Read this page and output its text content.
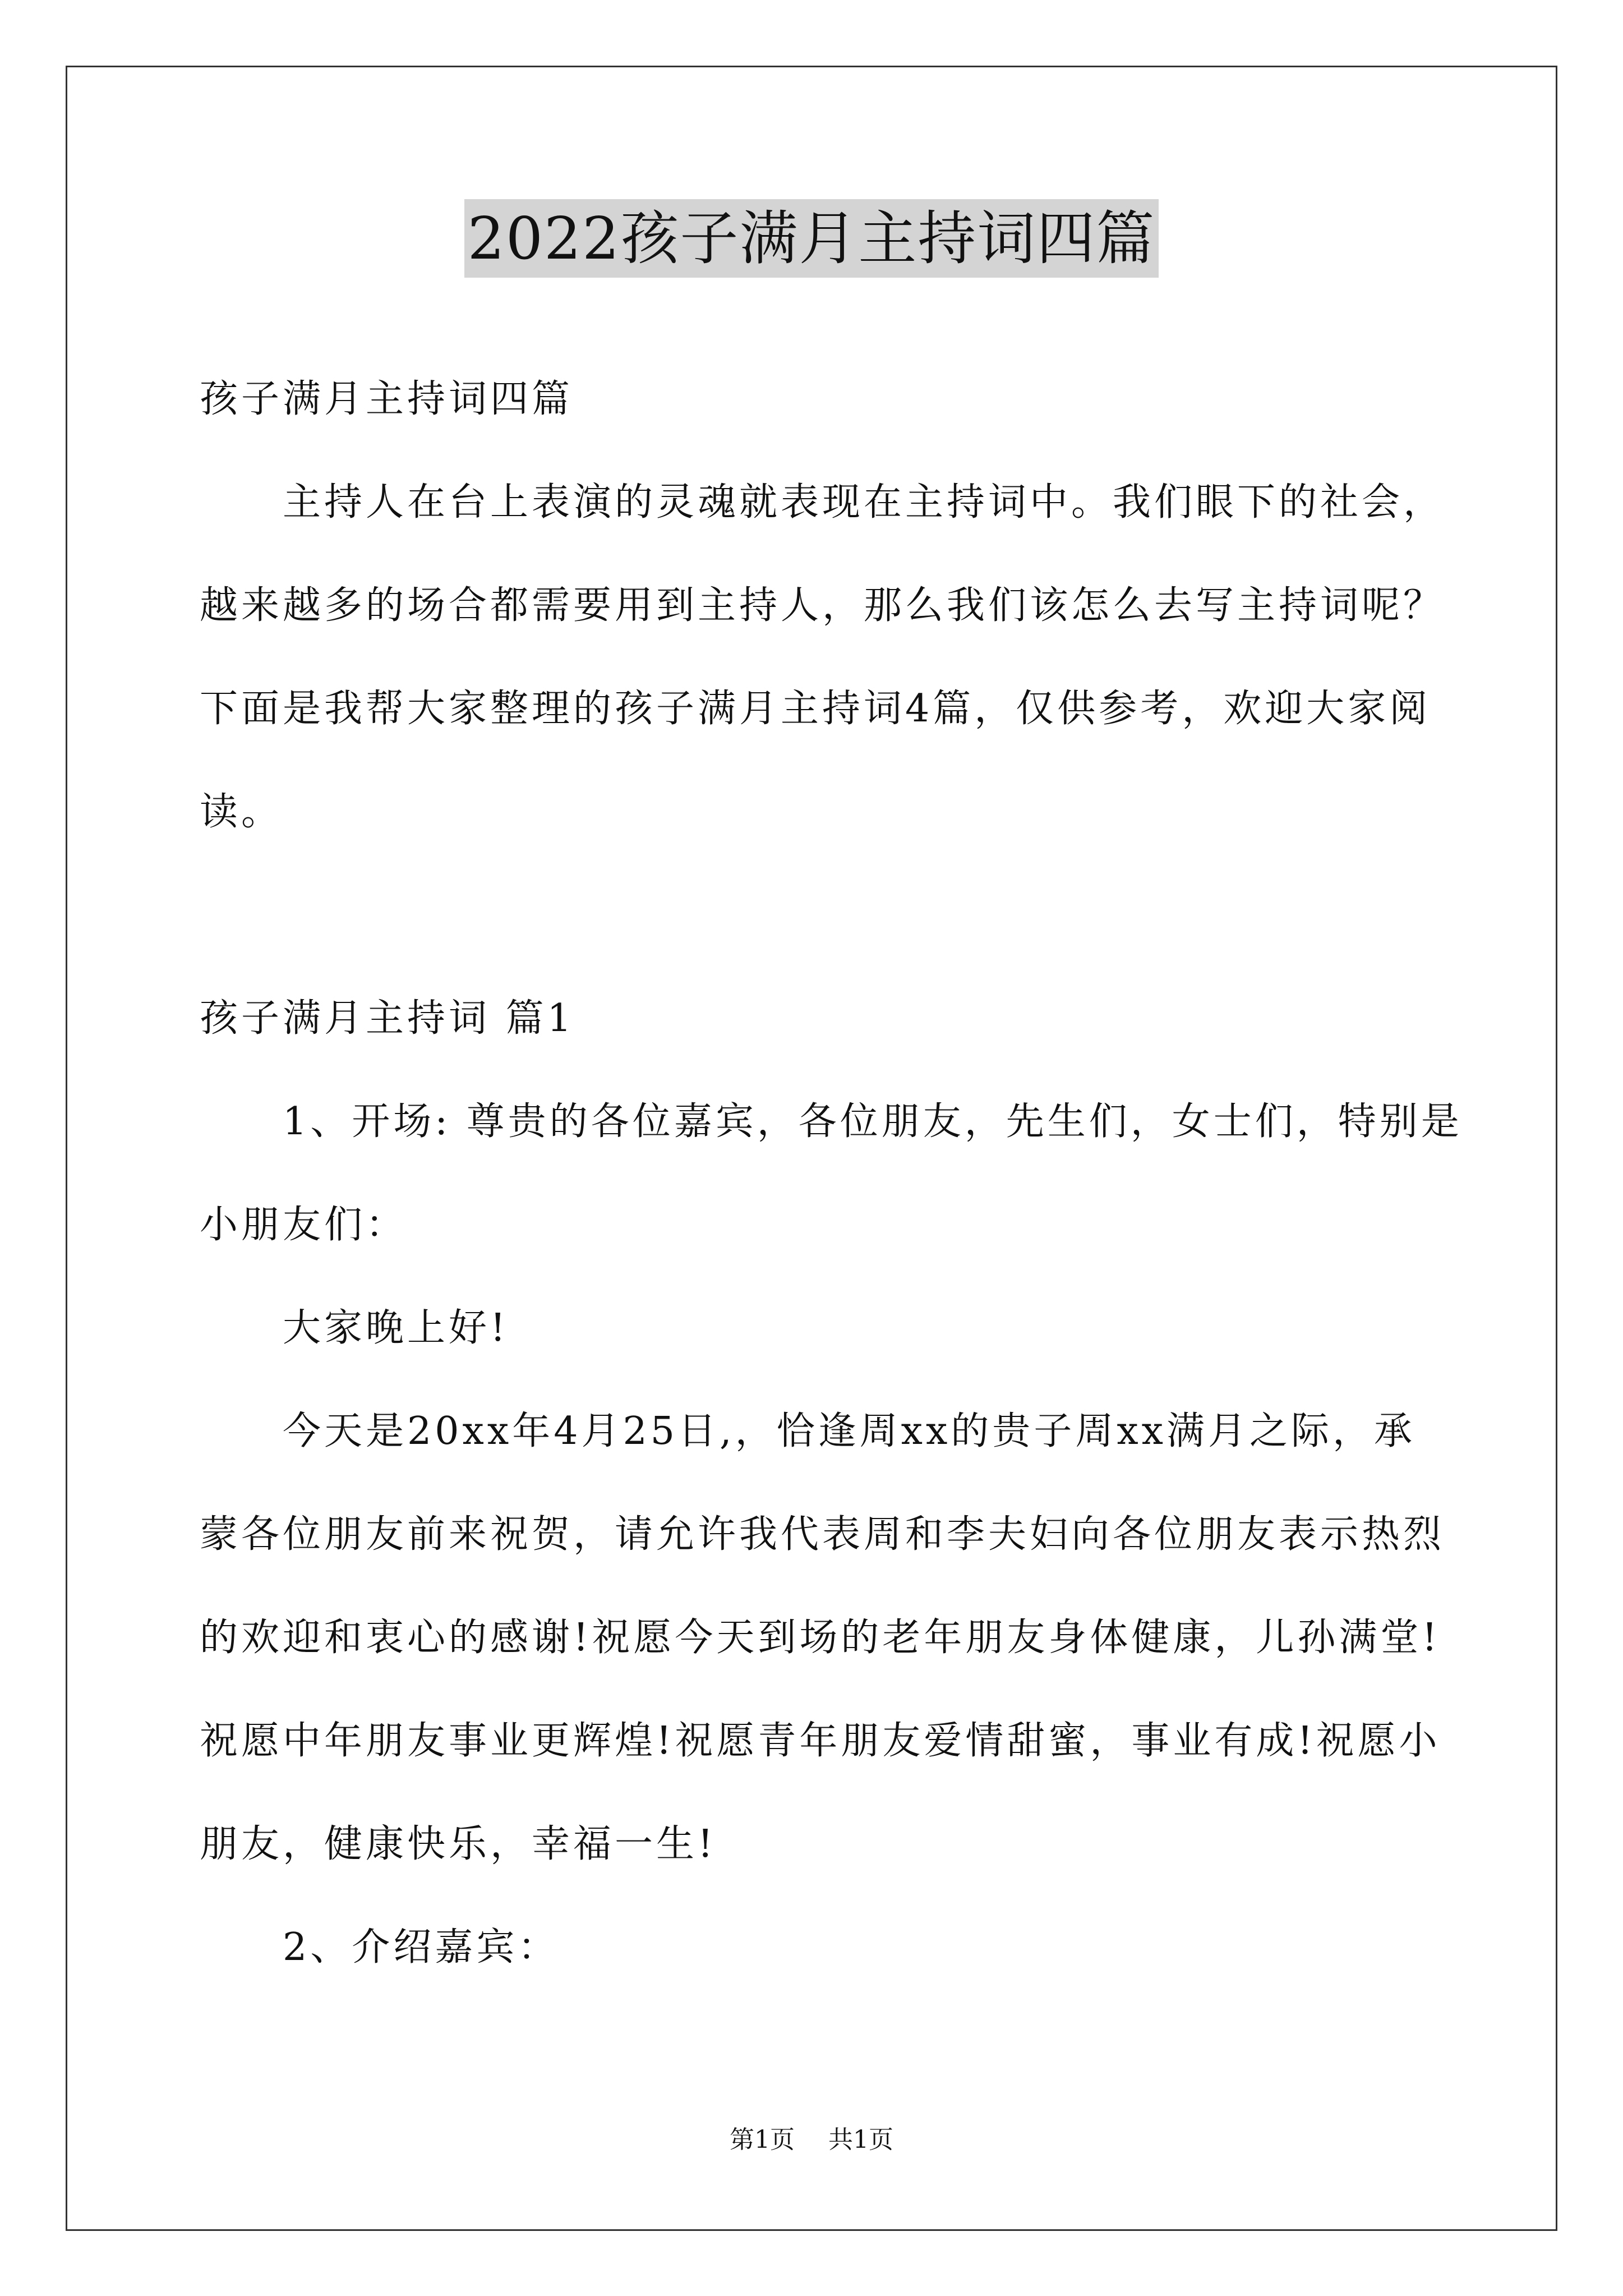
2022孩子满月主持词四篇

孩子满月主持词四篇

主持人在台上表演的灵魂就表现在主持词中。我们眼下的社会，

越来越多的场合都需要用到主持人，那么我们该怎么去写主持词呢？

下面是我帮大家整理的孩子满月主持词4篇，仅供参考，欢迎大家阅

读。

孩子满月主持词 篇1

1、开场: 尊贵的各位嘉宾，各位朋友，先生们，女士们，特别是

小朋友们：

大家晚上好!

今天是20xx年4月25日,，恰逢周xx的贵子周xx满月之际，承

蒙各位朋友前来祝贺，请允许我代表周和李夫妇向各位朋友表示热烈

的欢迎和衷心的感谢!祝愿今天到场的老年朋友身体健康，儿孙满堂!

祝愿中年朋友事业更辉煌!祝愿青年朋友爱情甜蜜，事业有成!祝愿小

朋友，健康快乐，幸福一生!

2、介绍嘉宾：

第1页 共1页
